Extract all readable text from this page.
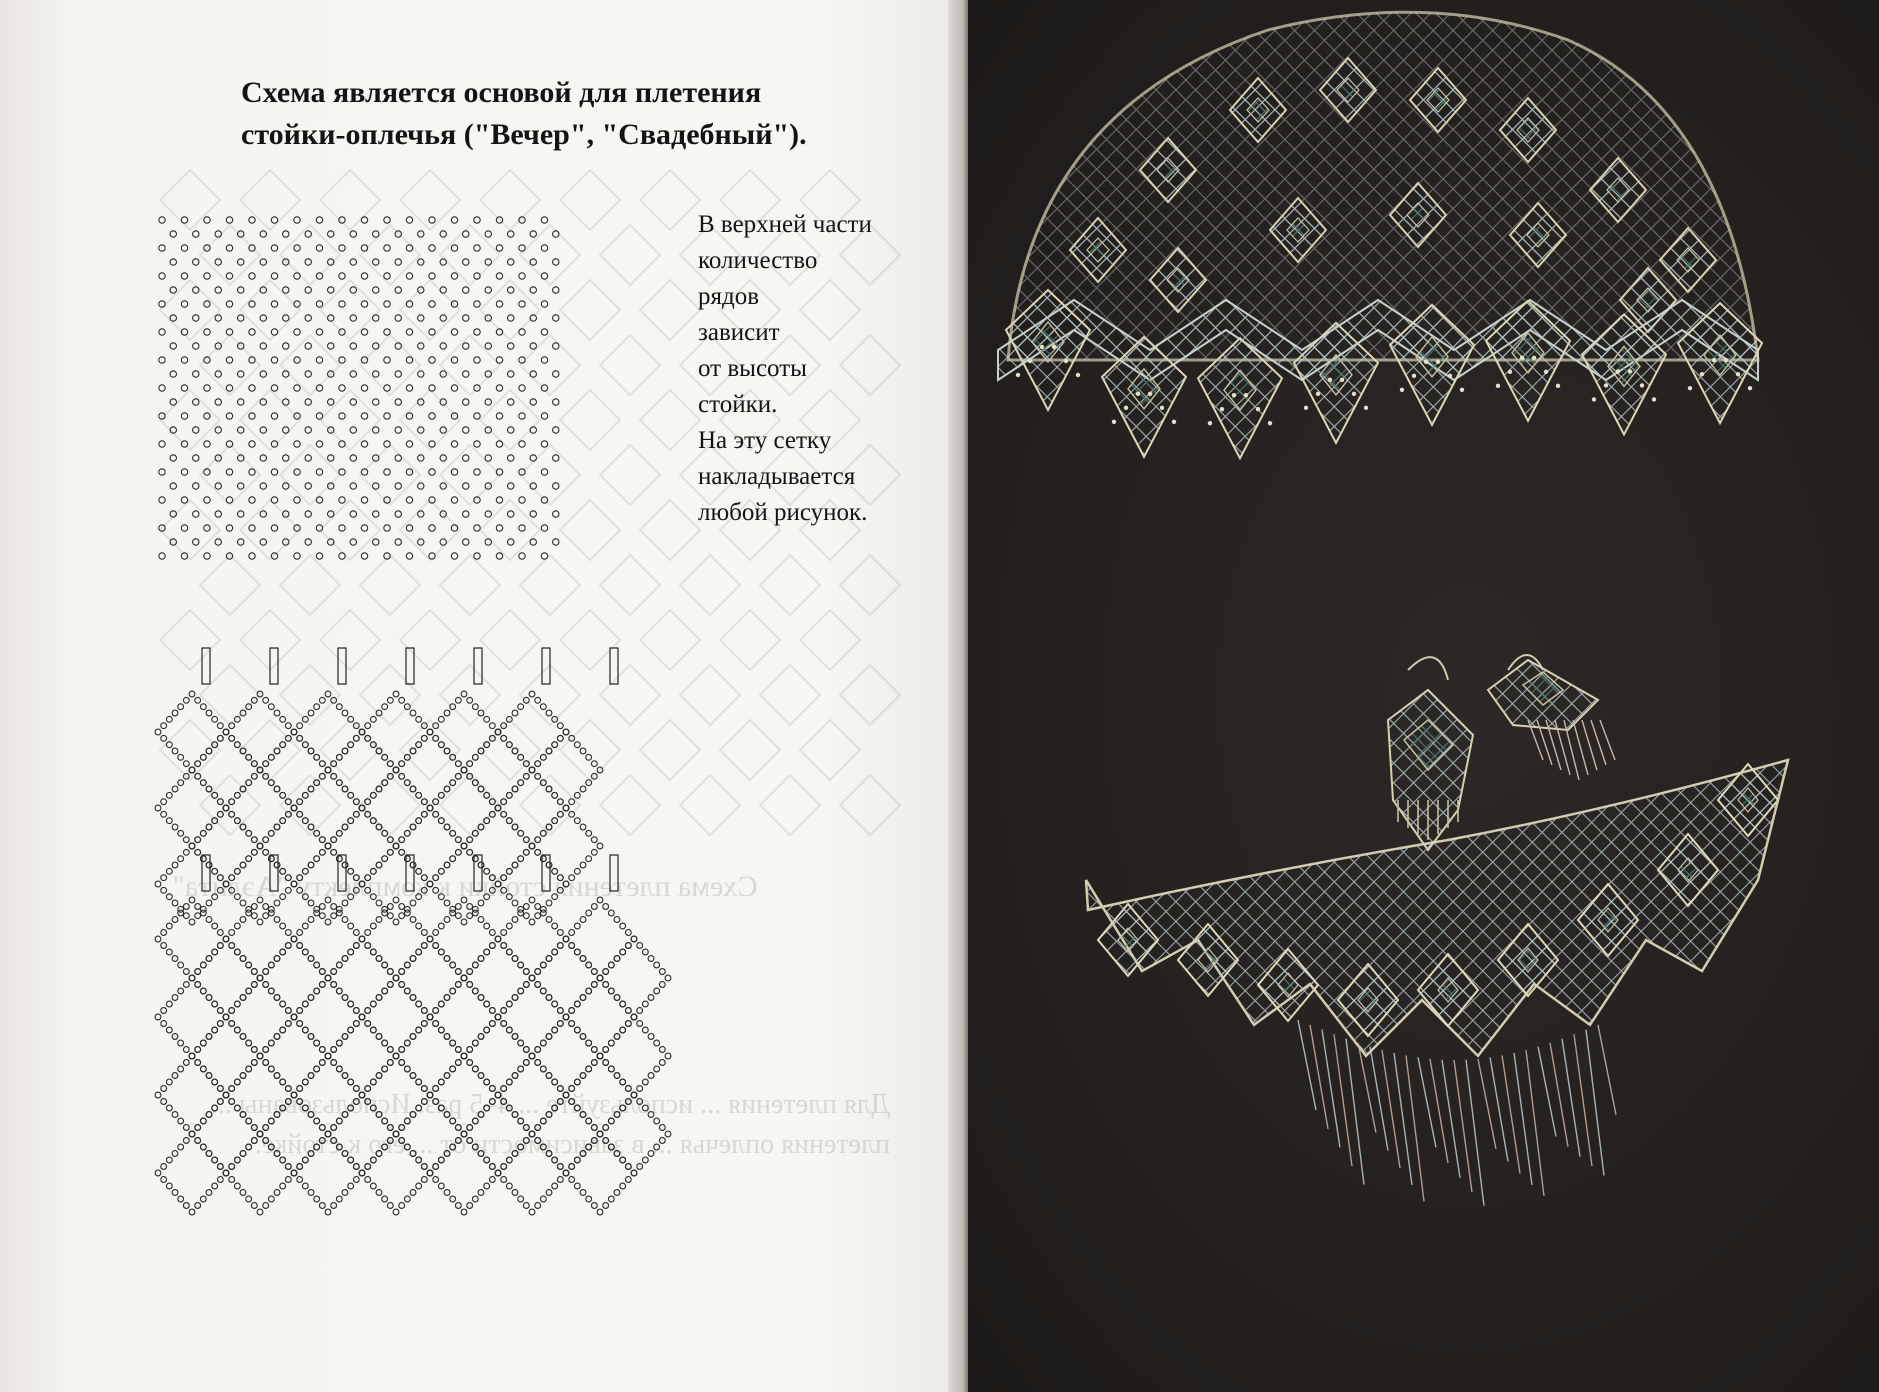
Схема плетения стойки к комплекту "Аэлита".
Для плетения ... используйте ... 4–5 раз. Использованы ... плетения оплечья ... в зависимости от ... его к стойке.
Схема является основой для плетения
стойки-оплечья ("Вечер", "Свадебный").

В верхней части
количество
рядов
зависит
от высоты
стойки.
На эту сетку
накладывается
любой рисунок.
